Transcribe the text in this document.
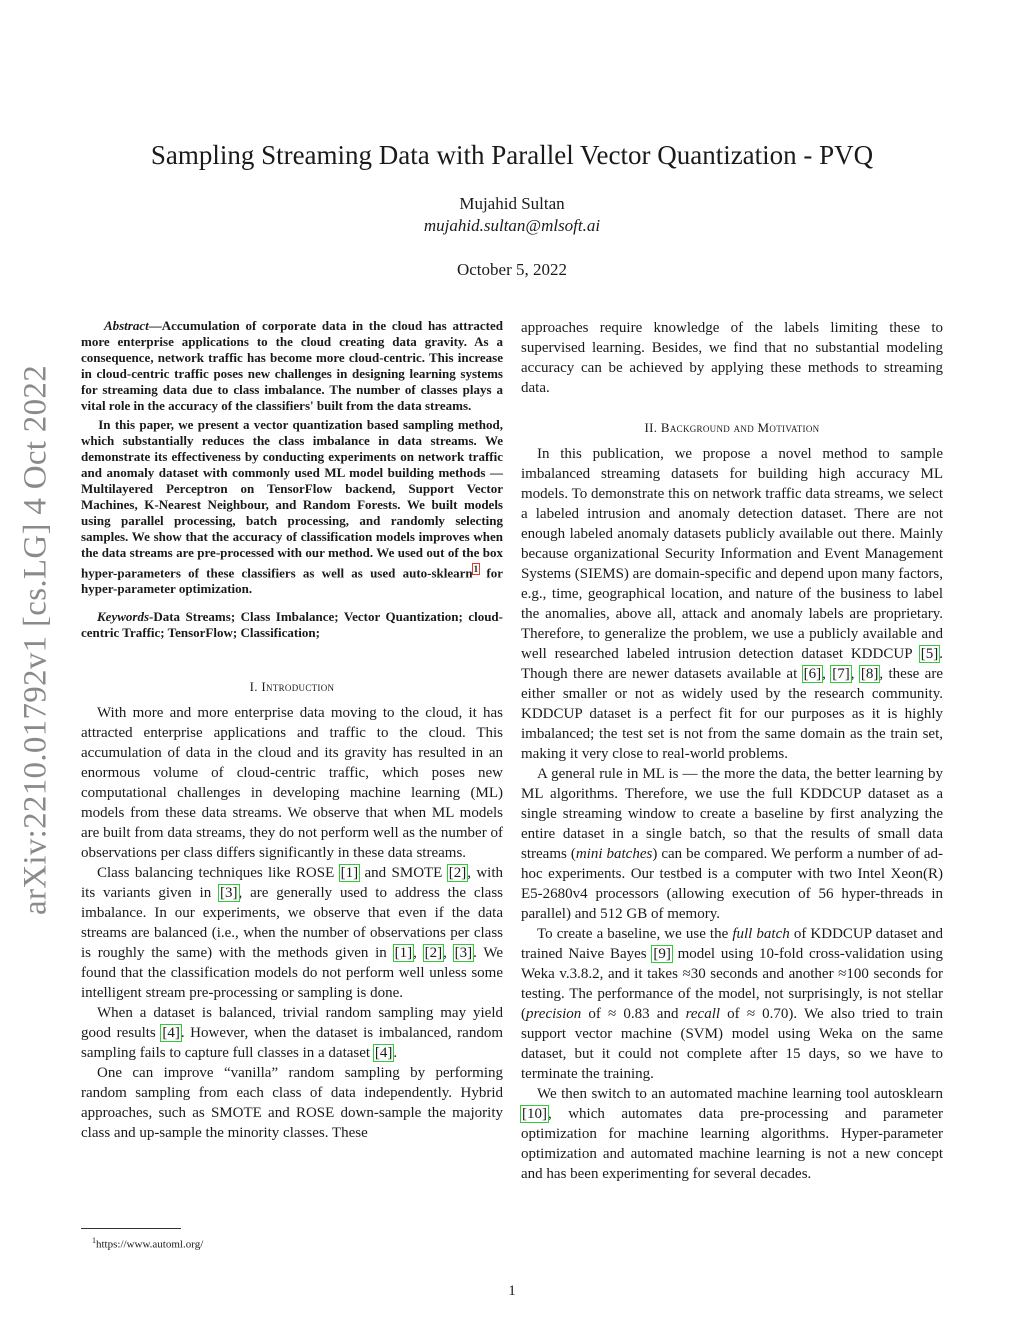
arXiv:2210.01792v1 [cs.LG] 4 Oct 2022
Sampling Streaming Data with Parallel Vector Quantization - PVQ
Mujahid Sultan
mujahid.sultan@mlsoft.ai
October 5, 2022

Abstract—Accumulation of corporate data in the cloud has attracted more enterprise applications to the cloud creating data gravity. As a consequence, network traffic has become more cloud-centric. This increase in cloud-centric traffic poses new challenges in designing learning systems for streaming data due to class imbalance. The number of classes plays a vital role in the accuracy of the classifiers' built from the data streams.

In this paper, we present a vector quantization based sampling method, which substantially reduces the class imbalance in data streams. We demonstrate its effectiveness by conducting experiments on network traffic and anomaly dataset with commonly used ML model building methods — Multilayered Perceptron on TensorFlow backend, Support Vector Machines, K-Nearest Neighbour, and Random Forests. We built models using parallel processing, batch processing, and randomly selecting samples. We show that the accuracy of classification models improves when the data streams are pre-processed with our method. We used out of the box hyper-parameters of these classifiers as well as used auto-sklearn$^1$ for hyper-parameter optimization.

Keywords-Data Streams; Class Imbalance; Vector Quantization; cloud-centric Traffic; TensorFlow; Classification;

I. Introduction

With more and more enterprise data moving to the cloud, it has attracted enterprise applications and traffic to the cloud. This accumulation of data in the cloud and its gravity has resulted in an enormous volume of cloud-centric traffic, which poses new computational challenges in developing machine learning (ML) models from these data streams. We observe that when ML models are built from data streams, they do not perform well as the number of observations per class differs significantly in these data streams.

Class balancing techniques like ROSE [1] and SMOTE [2], with its variants given in [3], are generally used to address the class imbalance. In our experiments, we observe that even if the data streams are balanced (i.e., when the number of observations per class is roughly the same) with the methods given in [1], [2], [3]. We found that the classification models do not perform well unless some intelligent stream pre-processing or sampling is done.

When a dataset is balanced, trivial random sampling may yield good results [4]. However, when the dataset is imbalanced, random sampling fails to capture full classes in a dataset [4].

One can improve “vanilla” random sampling by performing random sampling from each class of data independently. Hybrid approaches, such as SMOTE and ROSE down-sample the majority class and up-sample the minority classes. These

approaches require knowledge of the labels limiting these to supervised learning. Besides, we find that no substantial modeling accuracy can be achieved by applying these methods to streaming data.

II. Background and Motivation

In this publication, we propose a novel method to sample imbalanced streaming datasets for building high accuracy ML models. To demonstrate this on network traffic data streams, we select a labeled intrusion and anomaly detection dataset. There are not enough labeled anomaly datasets publicly available out there. Mainly because organizational Security Information and Event Management Systems (SIEMS) are domain-specific and depend upon many factors, e.g., time, geographical location, and nature of the business to label the anomalies, above all, attack and anomaly labels are proprietary. Therefore, to generalize the problem, we use a publicly available and well researched labeled intrusion detection dataset KDDCUP [5]. Though there are newer datasets available at [6], [7], [8], these are either smaller or not as widely used by the research community. KDDCUP dataset is a perfect fit for our purposes as it is highly imbalanced; the test set is not from the same domain as the train set, making it very close to real-world problems.

A general rule in ML is — the more the data, the better learning by ML algorithms. Therefore, we use the full KDDCUP dataset as a single streaming window to create a baseline by first analyzing the entire dataset in a single batch, so that the results of small data streams (mini batches) can be compared. We perform a number of ad-hoc experiments. Our testbed is a computer with two Intel Xeon(R) E5-2680v4 processors (allowing execution of 56 hyper-threads in parallel) and 512 GB of memory.

To create a baseline, we use the full batch of KDDCUP dataset and trained Naive Bayes [9] model using 10-fold cross-validation using Weka v.3.8.2, and it takes ≈30 seconds and another ≈100 seconds for testing. The performance of the model, not surprisingly, is not stellar (precision of ≈ 0.83 and recall of ≈ 0.70). We also tried to train support vector machine (SVM) model using Weka on the same dataset, but it could not complete after 15 days, so we have to terminate the training.

We then switch to an automated machine learning tool autosklearn [10], which automates data pre-processing and parameter optimization for machine learning algorithms. Hyper-parameter optimization and automated machine learning is not a new concept and has been experimenting for several decades.

$^1$https://www.automl.org/
1
